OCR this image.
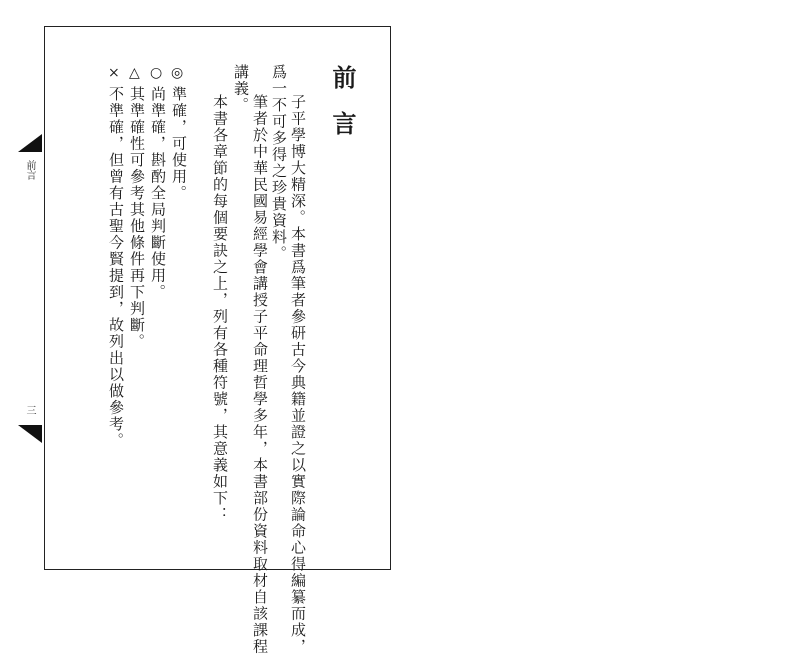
前言
三
前言
子平學博大精深。本書爲筆者參研古今典籍並證之以實際論命心得編纂而成，
爲一不可多得之珍貴資料。
筆者於中華民國易經學會講授子平命理哲學多年，本書部份資料取材自該課程
講義。
本書各章節的每個要訣之上，列有各種符號，其意義如下：
◎
準確，可使用。
○
尚準確，斟酌全局判斷使用。
△
其準確性可參考其他條件再下判斷。
×
不準確，但曾有古聖今賢提到，故列出以做參考。
